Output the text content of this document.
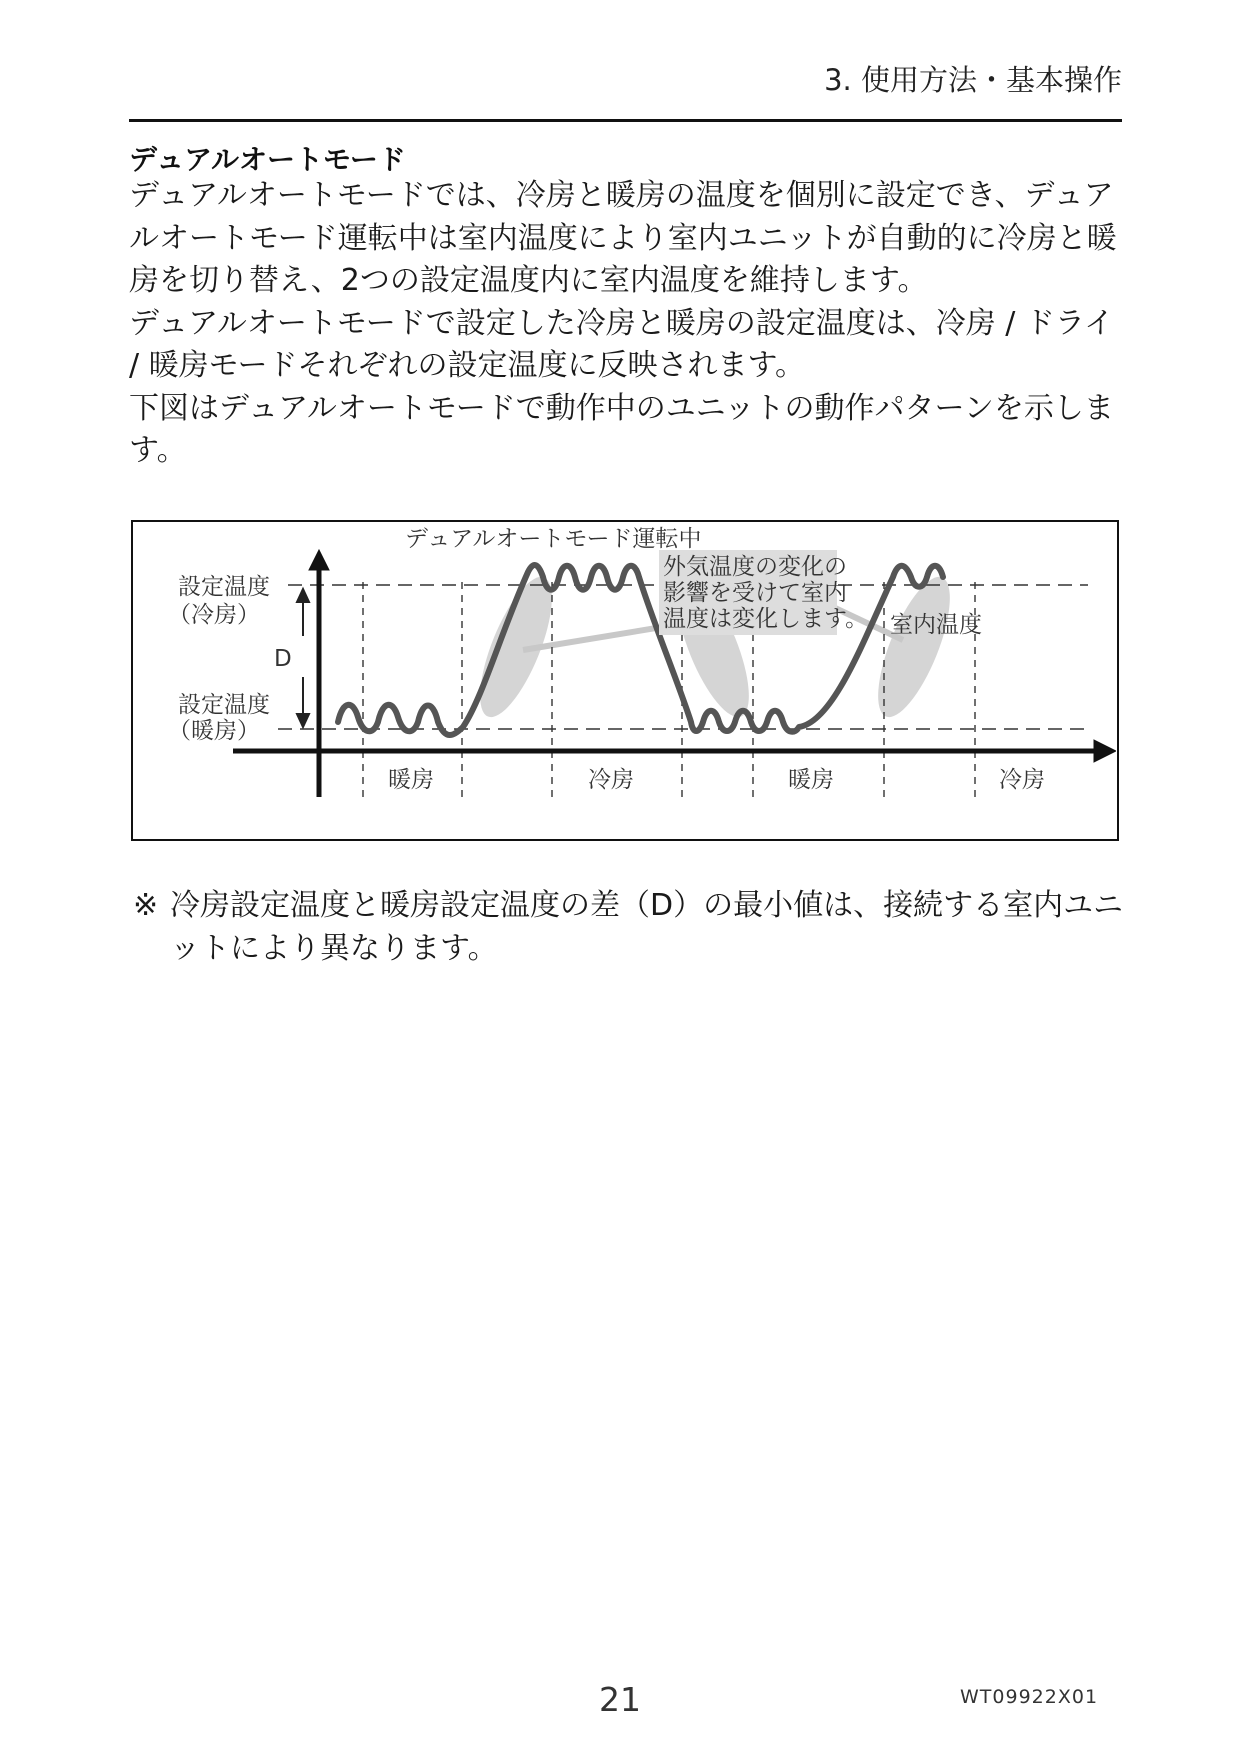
3. 使用方法・基本操作
デュアルオートモード

デュアルオートモードでは、冷房と暖房の温度を個別に設定でき、デュアルオートモード運転中は室内温度により室内ユニットが自動的に冷房と暖房を切り替え、2つの設定温度内に室内温度を維持します。

デュアルオートモードで設定した冷房と暖房の設定温度は、冷房 / ドライ / 暖房モードそれぞれの設定温度に反映されます。

下図はデュアルオートモードで動作中のユニットの動作パターンを示します。

デュアルオートモード運転中
設定温度
（冷房）
D
設定温度
（暖房）
外気温度の変化の
影響を受けて室内
温度は変化します。 室内温度
暖房	冷房	暖房	冷房
※ 冷房設定温度と暖房設定温度の差（D）の最小値は、接続する室内ユニットにより異なります。
21	WT09922X01
